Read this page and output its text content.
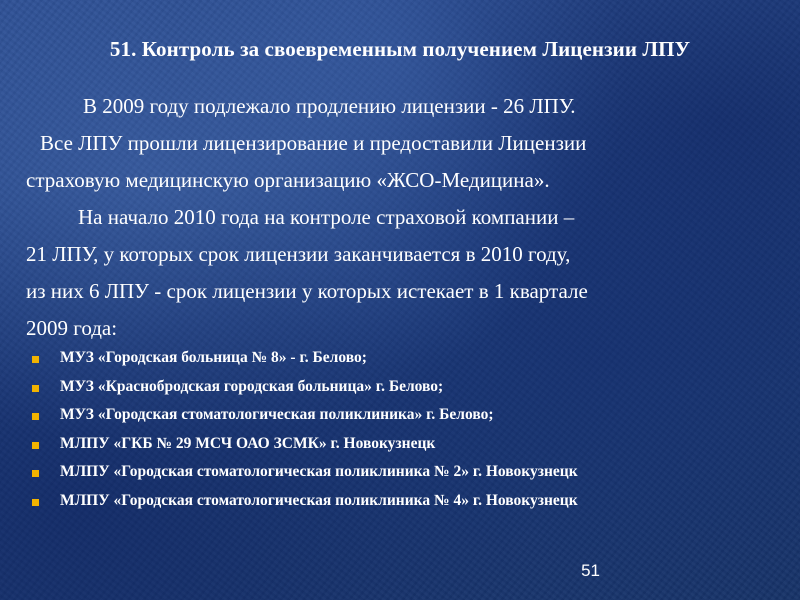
51. Контроль за своевременным получением Лицензии ЛПУ
В 2009 году подлежало продлению лицензии - 26 ЛПУ.
Все ЛПУ прошли лицензирование и предоставили Лицензии
страховую медицинскую организацию «ЖСО-Медицина».
На начало 2010 года на контроле страховой компании –
21 ЛПУ, у которых срок лицензии заканчивается в 2010 году,
из них 6 ЛПУ - срок лицензии у которых истекает в 1 квартале
2009 года:
МУЗ «Городская больница № 8» - г. Белово;
МУЗ «Краснобродская городская больница» г. Белово;
МУЗ «Городская стоматологическая поликлиника» г. Белово;
МЛПУ «ГКБ № 29 МСЧ ОАО ЗСМК» г. Новокузнецк
МЛПУ «Городская стоматологическая поликлиника № 2» г. Новокузнецк
МЛПУ «Городская стоматологическая поликлиника № 4» г. Новокузнецк
51
